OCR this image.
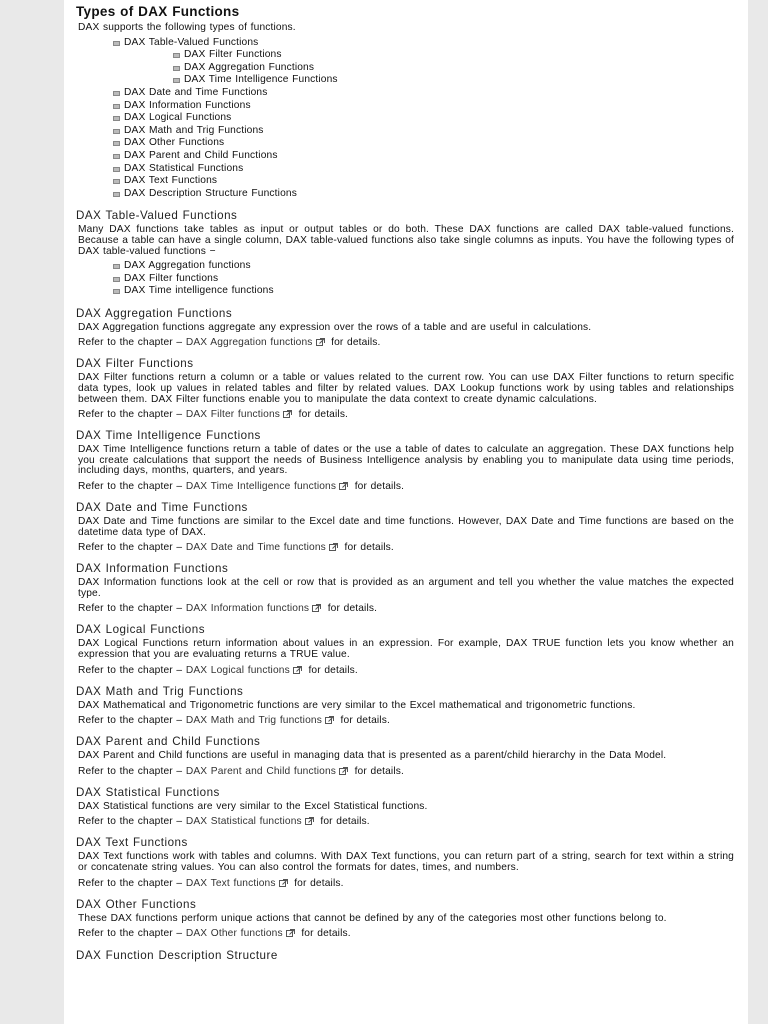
Types of DAX Functions

DAX supports the following types of functions.

DAX Table-Valued Functions
DAX Filter Functions
DAX Aggregation Functions
DAX Time Intelligence Functions
DAX Date and Time Functions
DAX Information Functions
DAX Logical Functions
DAX Math and Trig Functions
DAX Other Functions
DAX Parent and Child Functions
DAX Statistical Functions
DAX Text Functions
DAX Description Structure Functions
DAX Table-Valued Functions

Many DAX functions take tables as input or output tables or do both. These DAX functions are called DAX table-valued functions. Because a table can have a single column, DAX table-valued functions also take single columns as inputs. You have the following types of DAX table-valued functions −

DAX Aggregation functions
DAX Filter functions
DAX Time intelligence functions
DAX Aggregation Functions

DAX Aggregation functions aggregate any expression over the rows of a table and are useful in calculations.

Refer to the chapter – DAX Aggregation functions for details.
DAX Filter Functions

DAX Filter functions return a column or a table or values related to the current row. You can use DAX Filter functions to return specific data types, look up values in related tables and filter by related values. DAX Lookup functions work by using tables and relationships between them. DAX Filter functions enable you to manipulate the data context to create dynamic calculations.

Refer to the chapter – DAX Filter functions for details.
DAX Time Intelligence Functions

DAX Time Intelligence functions return a table of dates or the use a table of dates to calculate an aggregation. These DAX functions help you create calculations that support the needs of Business Intelligence analysis by enabling you to manipulate data using time periods, including days, months, quarters, and years.

Refer to the chapter – DAX Time Intelligence functions for details.
DAX Date and Time Functions

DAX Date and Time functions are similar to the Excel date and time functions. However, DAX Date and Time functions are based on the datetime data type of DAX.

Refer to the chapter – DAX Date and Time functions for details.
DAX Information Functions

DAX Information functions look at the cell or row that is provided as an argument and tell you whether the value matches the expected type.

Refer to the chapter – DAX Information functions for details.
DAX Logical Functions

DAX Logical Functions return information about values in an expression. For example, DAX TRUE function lets you know whether an expression that you are evaluating returns a TRUE value.

Refer to the chapter – DAX Logical functions for details.
DAX Math and Trig Functions

DAX Mathematical and Trigonometric functions are very similar to the Excel mathematical and trigonometric functions.

Refer to the chapter – DAX Math and Trig functions for details.
DAX Parent and Child Functions

DAX Parent and Child functions are useful in managing data that is presented as a parent/child hierarchy in the Data Model.

Refer to the chapter – DAX Parent and Child functions for details.
DAX Statistical Functions

DAX Statistical functions are very similar to the Excel Statistical functions.

Refer to the chapter – DAX Statistical functions for details.
DAX Text Functions

DAX Text functions work with tables and columns. With DAX Text functions, you can return part of a string, search for text within a string or concatenate string values. You can also control the formats for dates, times, and numbers.

Refer to the chapter – DAX Text functions for details.
DAX Other Functions

These DAX functions perform unique actions that cannot be defined by any of the categories most other functions belong to.

Refer to the chapter – DAX Other functions for details.
DAX Function Description Structure
